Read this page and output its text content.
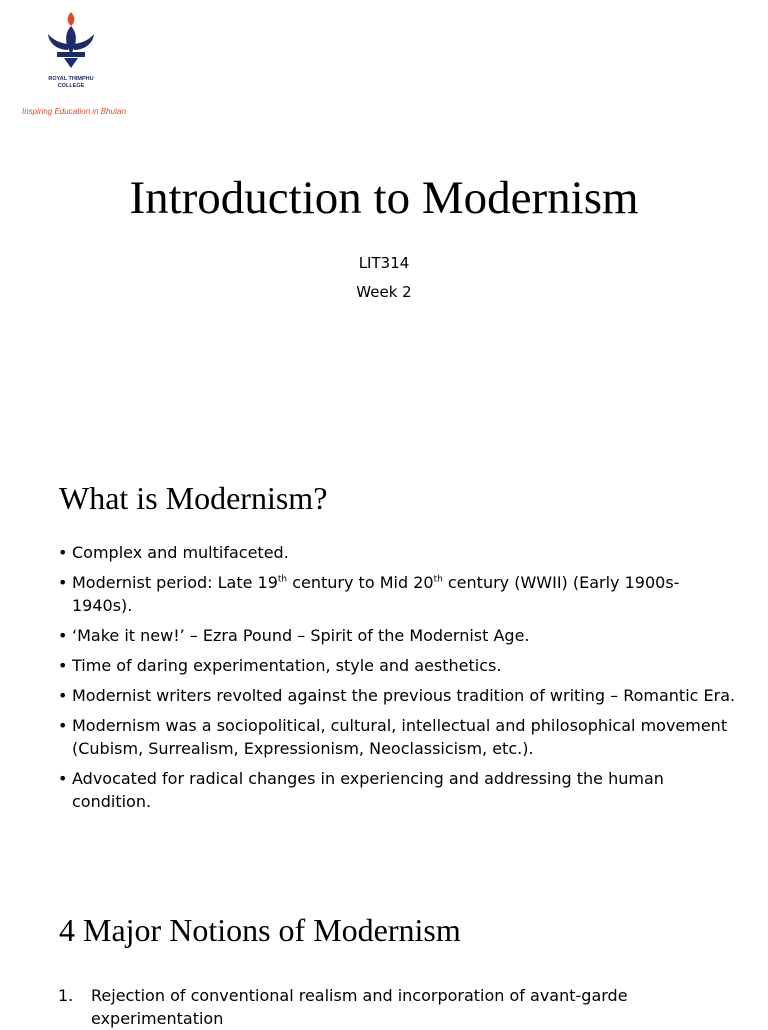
ROYAL THIMPHU
COLLEGE
Inspiring Education in Bhutan
Introduction to Modernism
LIT314
Week 2
What is Modernism?
• Complex and multifaceted.
• Modernist period: Late 19th century to Mid 20th century (WWII) (Early 1900s-1940s).
• ‘Make it new!’ – Ezra Pound – Spirit of the Modernist Age.
• Time of daring experimentation, style and aesthetics.
• Modernist writers revolted against the previous tradition of writing – Romantic Era.
• Modernism was a sociopolitical, cultural, intellectual and philosophical movement (Cubism, Surrealism, Expressionism, Neoclassicism, etc.).
• Advocated for radical changes in experiencing and addressing the human condition.
4 Major Notions of Modernism
1. Rejection of conventional realism and incorporation of avant-garde experimentation
